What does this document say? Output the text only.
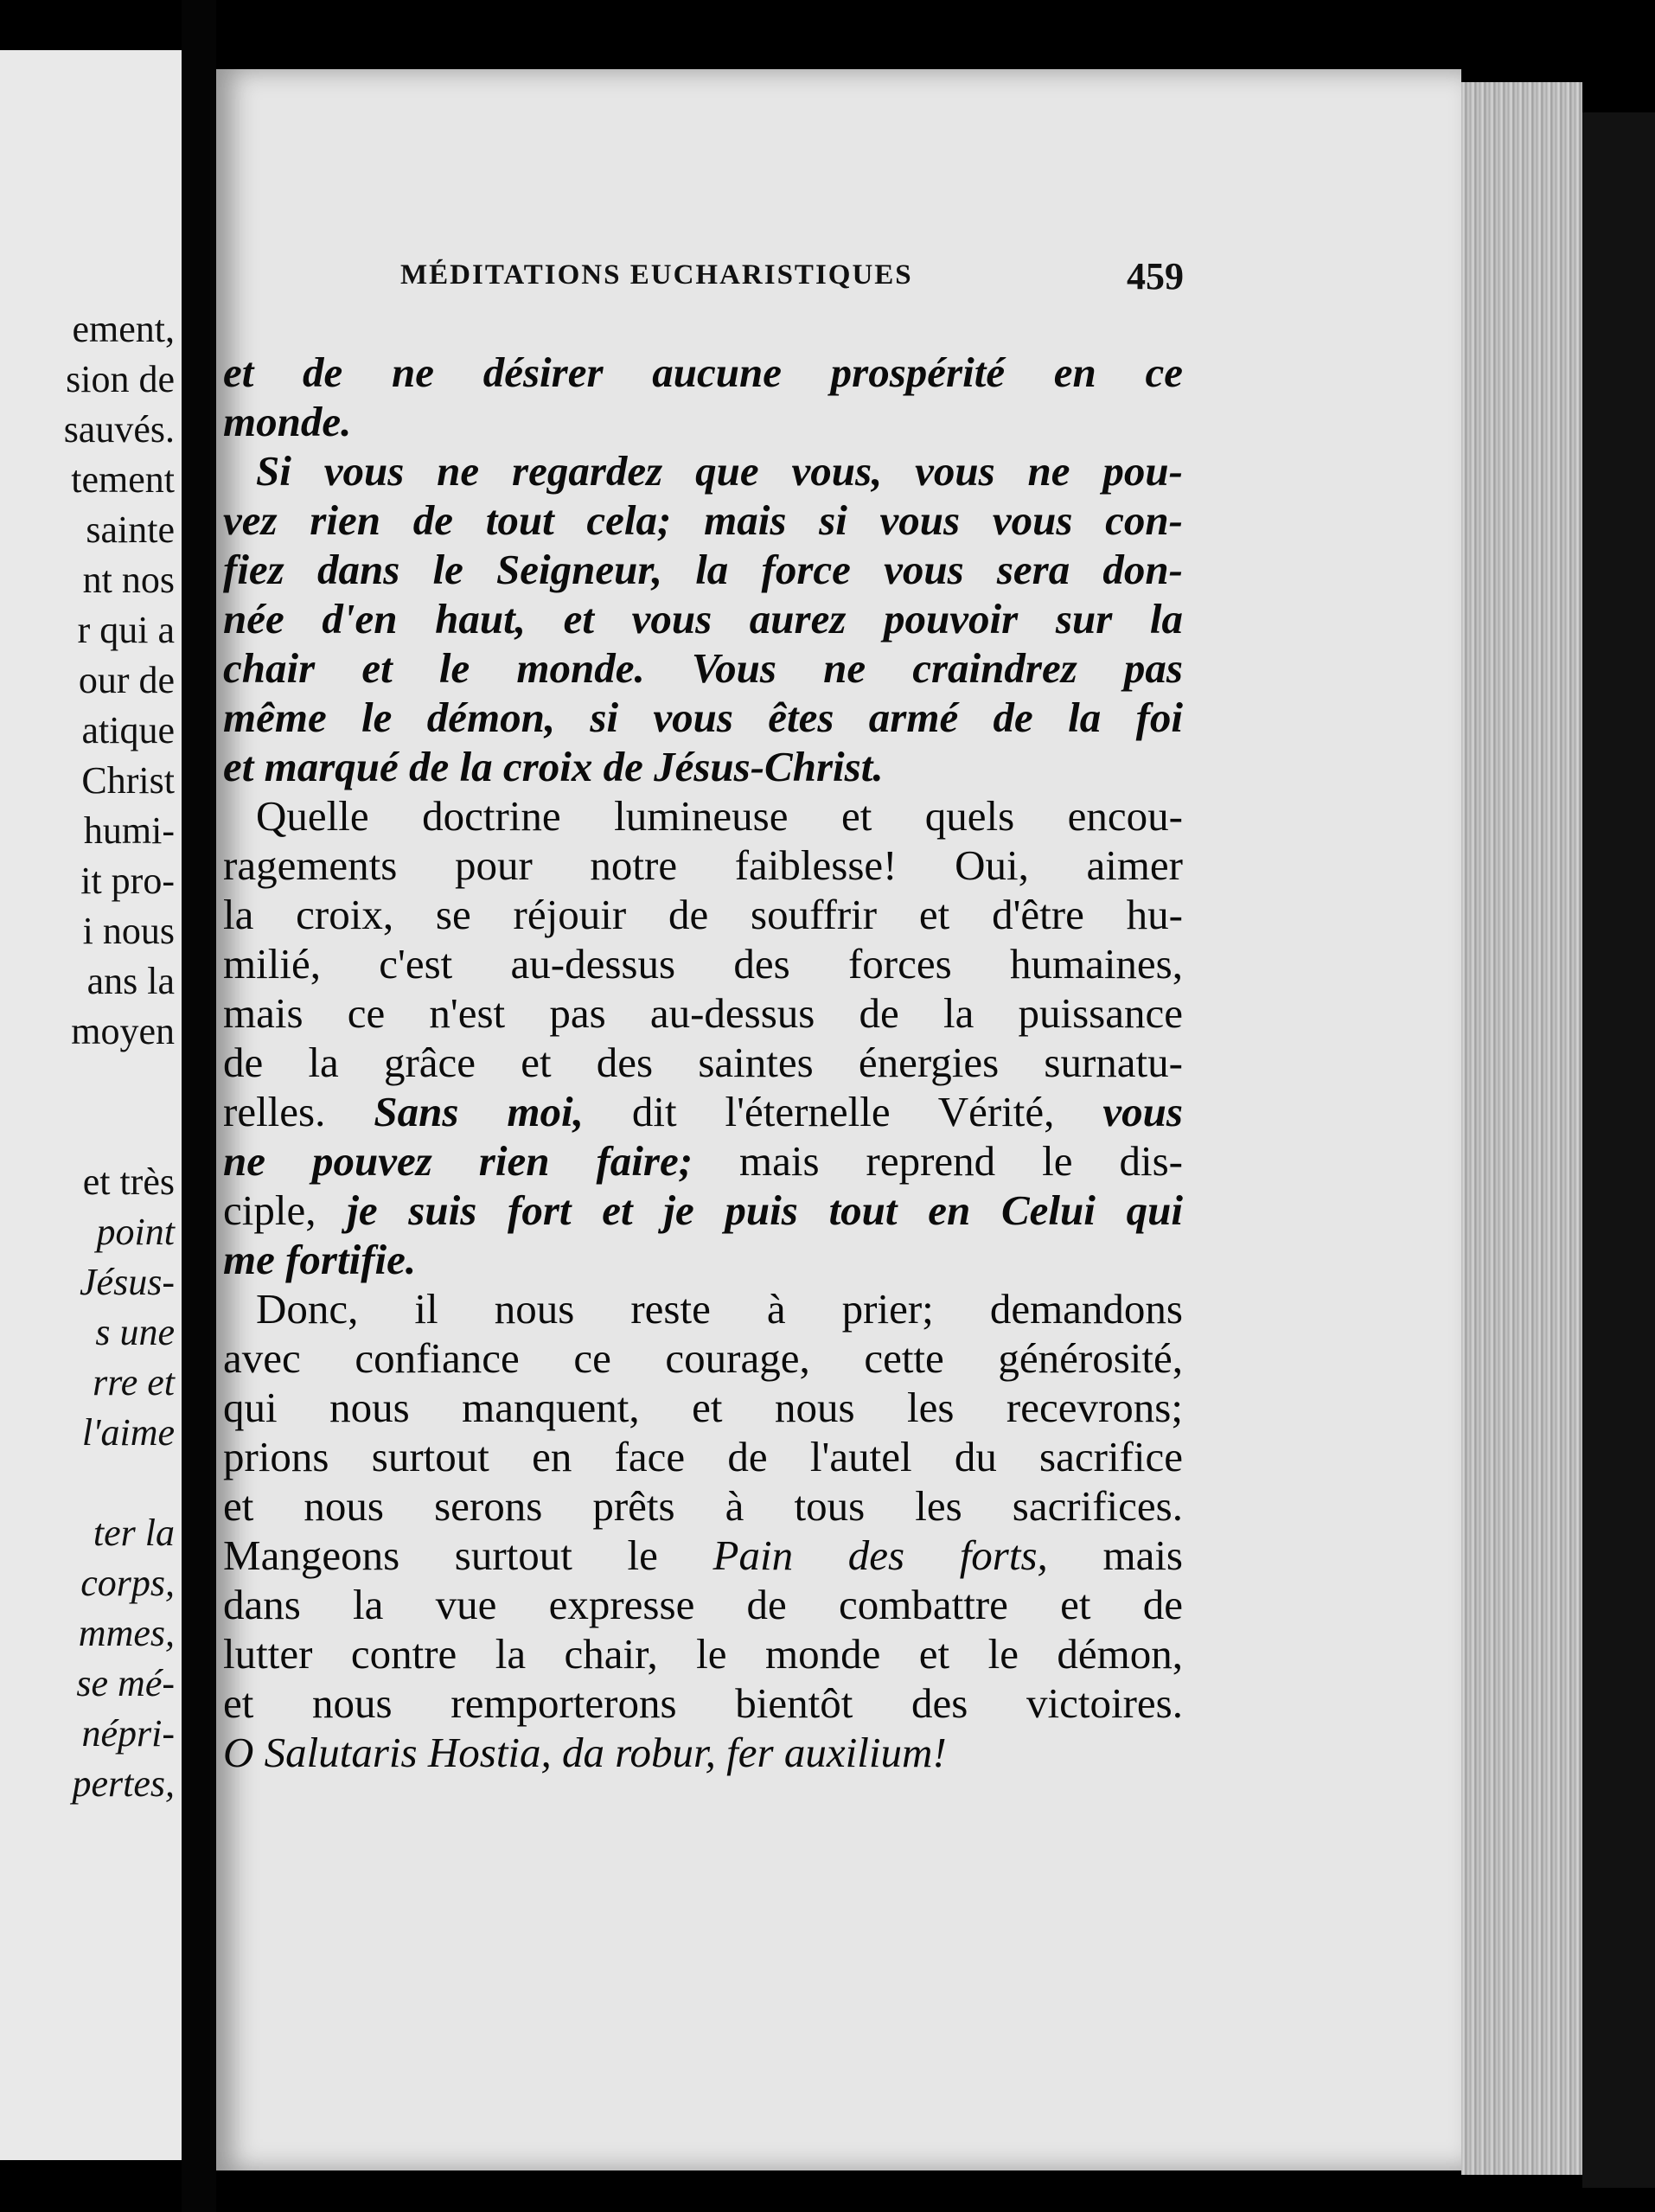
ement,
sion de
sauvés.
tement
sainte
nt nos
r qui a
our de
atique
Christ
humi-
it pro-
i nous
ans la
moyen
et très
point
Jésus-
s une
rre et
l'aime
ter la
corps,
mmes,
se mé-
népri-
pertes,
MÉDITATIONS EUCHARISTIQUES	459
et de ne désirer aucune prospérité en ce
monde.
Si vous ne regardez que vous, vous ne pou-
vez rien de tout cela; mais si vous vous con-
fiez dans le Seigneur, la force vous sera don-
née d'en haut, et vous aurez pouvoir sur la
chair et le monde. Vous ne craindrez pas
même le démon, si vous êtes armé de la foi
et marqué de la croix de Jésus-Christ.
Quelle doctrine lumineuse et quels encou-
ragements pour notre faiblesse! Oui, aimer
la croix, se réjouir de souffrir et d'être hu-
milié, c'est au-dessus des forces humaines,
mais ce n'est pas au-dessus de la puissance
de la grâce et des saintes énergies surnatu-
relles. Sans moi, dit l'éternelle Vérité, vous
ne pouvez rien faire; mais reprend le dis-
ciple, je suis fort et je puis tout en Celui qui
me fortifie.
Donc, il nous reste à prier; demandons
avec confiance ce courage, cette générosité,
qui nous manquent, et nous les recevrons;
prions surtout en face de l'autel du sacrifice
et nous serons prêts à tous les sacrifices.
Mangeons surtout le Pain des forts, mais
dans la vue expresse de combattre et de
lutter contre la chair, le monde et le démon,
et nous remporterons bientôt des victoires.
O Salutaris Hostia, da robur, fer auxilium!
